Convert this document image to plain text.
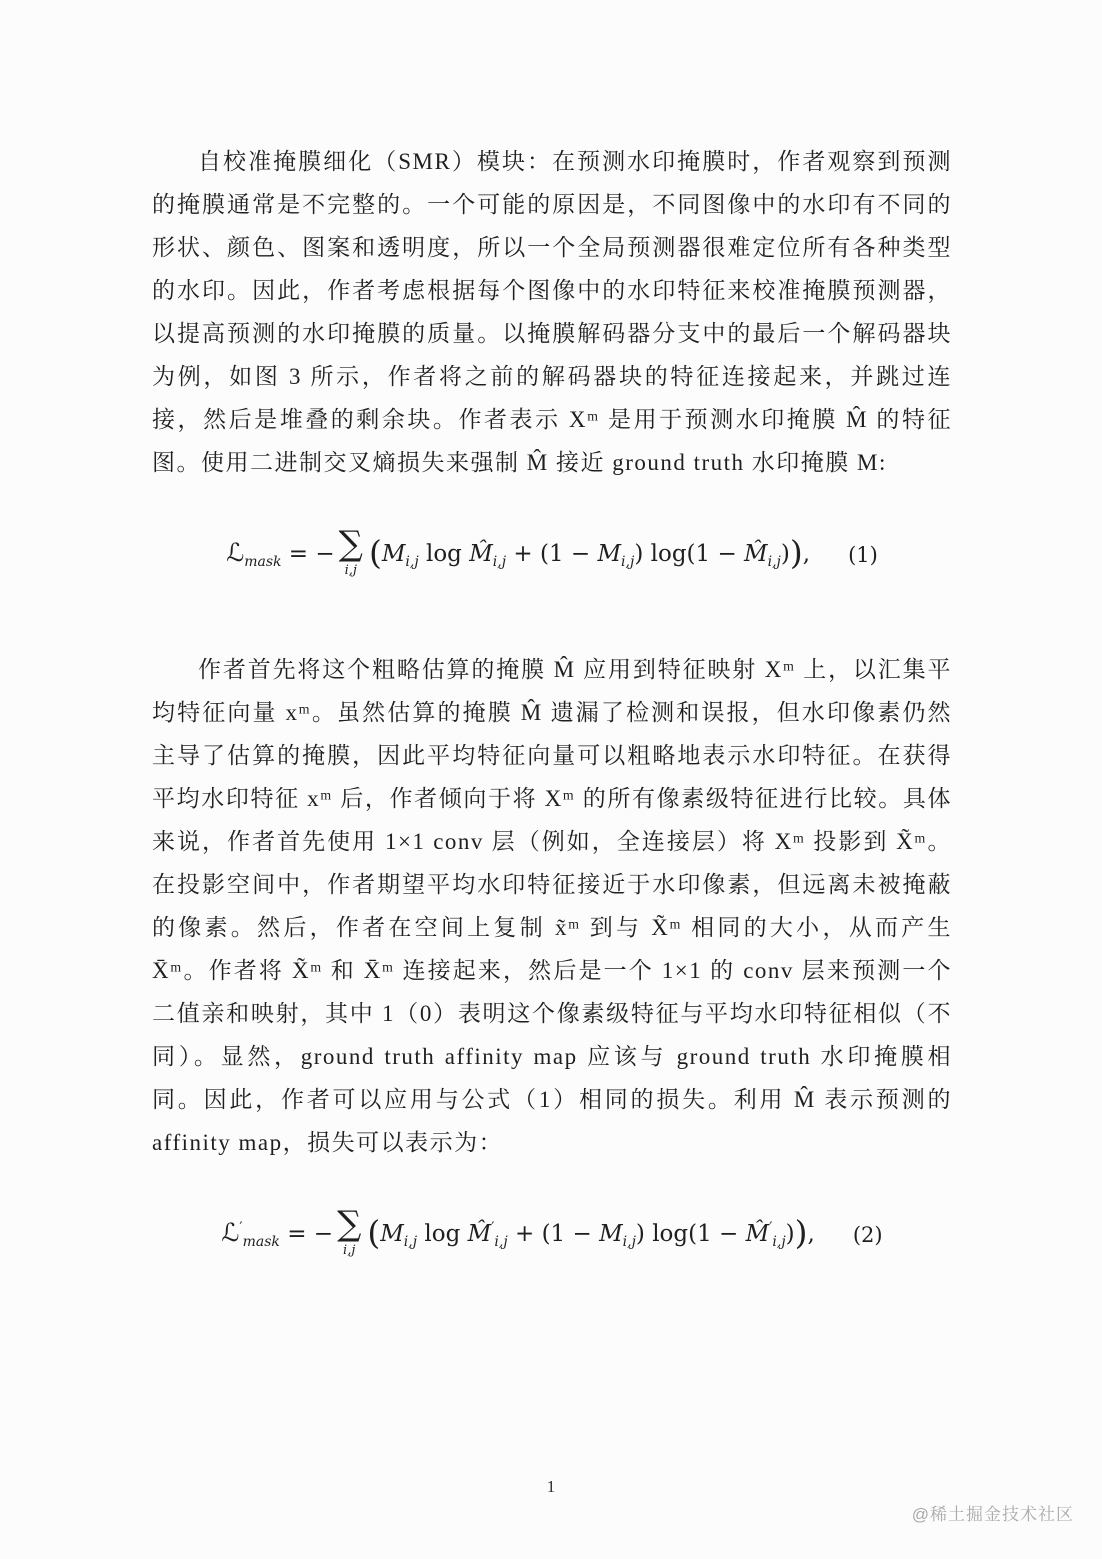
自校准掩膜细化（SMR）模块：在预测水印掩膜时，作者观察到预测的掩膜通常是不完整的。一个可能的原因是，不同图像中的水印有不同的形状、颜色、图案和透明度，所以一个全局预测器很难定位所有各种类型的水印。因此，作者考虑根据每个图像中的水印特征来校准掩膜预测器，以提高预测的水印掩膜的质量。以掩膜解码器分支中的最后一个解码器块为例，如图 3 所示，作者将之前的解码器块的特征连接起来，并跳过连接，然后是堆叠的剩余块。作者表示 Xᵐ 是用于预测水印掩膜 M̂ 的特征图。使用二进制交叉熵损失来强制 M̂ 接近 ground truth 水印掩膜 M:

ℒ$_{mask}$ = − ∑
i,j ($M_{i,j}$ $\log M̂_{i,j} + (1 - M_{i,j}) \log(1$ − $M̂_{i,j}$)), (1)

作者首先将这个粗略估算的掩膜 M̂ 应用到特征映射 Xᵐ 上，以汇集平均特征向量 xᵐ。虽然估算的掩膜 M̂ 遗漏了检测和误报，但水印像素仍然主导了估算的掩膜，因此平均特征向量可以粗略地表示水印特征。在获得平均水印特征 xᵐ 后，作者倾向于将 Xᵐ 的所有像素级特征进行比较。具体来说，作者首先使用 1×1 conv 层（例如，全连接层）将 Xᵐ 投影到 X̃ᵐ。在投影空间中，作者期望平均水印特征接近于水印像素，但远离未被掩蔽的像素。然后，作者在空间上复制 x̃ᵐ 到与 X̃ᵐ 相同的大小，从而产生 X̄ᵐ。作者将 X̃ᵐ 和 X̄ᵐ 连接起来，然后是一个 1×1 的 conv 层来预测一个二值亲和映射，其中 1（0）表明这个像素级特征与平均水印特征相似（不同）。显然，ground truth affinity map 应该与 ground truth 水印掩膜相同。因此，作者可以应用与公式（1）相同的损失。利用 M̂ 表示预测的 affinity map，损失可以表示为：

ℒ′$_{mask}$ = − ∑
i,j ($M_{i,j}$ $\log M̂'_{i,j} + (1 - M_{i,j}) \log(1$ − $M̂'_{i,j}$)), (2)
1
@稀土掘金技术社区
